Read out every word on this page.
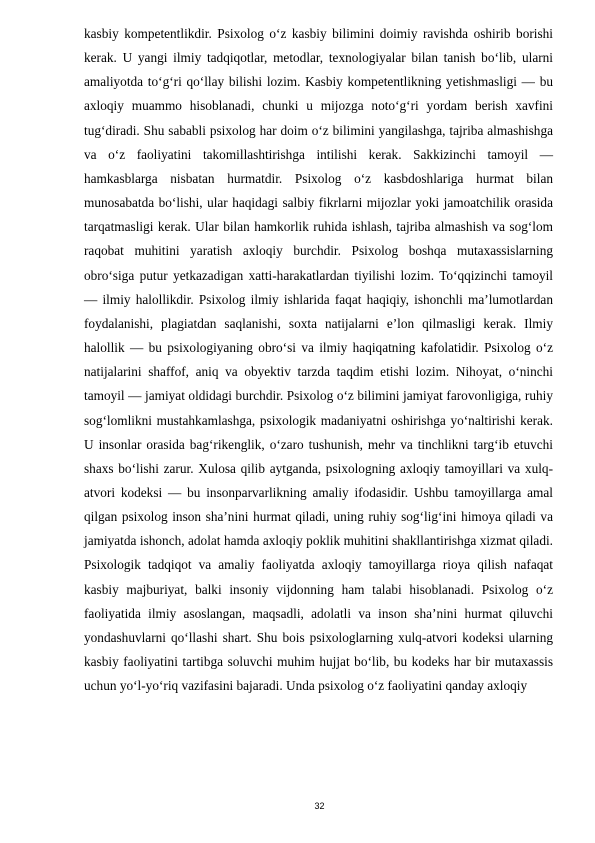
kasbiy kompetentlikdir. Psixolog o‘z kasbiy bilimini doimiy ravishda oshirib borishi kerak. U yangi ilmiy tadqiqotlar, metodlar, texnologiyalar bilan tanish bo‘lib, ularni amaliyotda to‘g‘ri qo‘llay bilishi lozim. Kasbiy kompetentlikning yetishmasligi — bu axloqiy muammo hisoblanadi, chunki u mijozga noto‘g‘ri yordam berish xavfini tug‘diradi. Shu sababli psixolog har doim o‘z bilimini yangilashga, tajriba almashishga va o‘z faoliyatini takomillashtirishga intilishi kerak. Sakkizinchi tamoyil — hamkasblarga nisbatan hurmatdir. Psixolog o‘z kasbdoshlariga hurmat bilan munosabatda bo‘lishi, ular haqidagi salbiy fikrlarni mijozlar yoki jamoatchilik orasida tarqatmasligi kerak. Ular bilan hamkorlik ruhida ishlash, tajriba almashish va sog‘lom raqobat muhitini yaratish axloqiy burchdir. Psixolog boshqa mutaxassislarning obro‘siga putur yetkazadigan xatti-harakatlardan tiyilishi lozim. To‘qqizinchi tamoyil — ilmiy halollikdir. Psixolog ilmiy ishlarida faqat haqiqiy, ishonchli ma’lumotlardan foydalanishi, plagiatdan saqlanishi, soxta natijalarni e’lon qilmasligi kerak. Ilmiy halollik — bu psixologiyaning obro‘si va ilmiy haqiqatning kafolatidir. Psixolog o‘z natijalarini shaffof, aniq va obyektiv tarzda taqdim etishi lozim. Nihoyat, o‘ninchi tamoyil — jamiyat oldidagi burchdir. Psixolog o‘z bilimini jamiyat farovonligiga, ruhiy sog‘lomlikni mustahkamlashga, psixologik madaniyatni oshirishga yo‘naltirishi kerak. U insonlar orasida bag‘rikenglik, o‘zaro tushunish, mehr va tinchlikni targ‘ib etuvchi shaxs bo‘lishi zarur. Xulosa qilib aytganda, psixologning axloqiy tamoyillari va xulq-atvori kodeksi — bu insonparvarlikning amaliy ifodasidir. Ushbu tamoyillarga amal qilgan psixolog inson sha’nini hurmat qiladi, uning ruhiy sog‘lig‘ini himoya qiladi va jamiyatda ishonch, adolat hamda axloqiy poklik muhitini shakllantirishga xizmat qiladi. Psixologik tadqiqot va amaliy faoliyatda axloqiy tamoyillarga rioya qilish nafaqat kasbiy majburiyat, balki insoniy vijdonning ham talabi hisoblanadi. Psixolog o‘z faoliyatida ilmiy asoslangan, maqsadli, adolatli va inson sha’nini hurmat qiluvchi yondashuvlarni qo‘llashi shart. Shu bois psixologlarning xulq-atvori kodeksi ularning kasbiy faoliyatini tartibga soluvchi muhim hujjat bo‘lib, bu kodeks har bir mutaxassis uchun yo‘l-yo‘riq vazifasini bajaradi. Unda psixolog o‘z faoliyatini qanday axloqiy

32
